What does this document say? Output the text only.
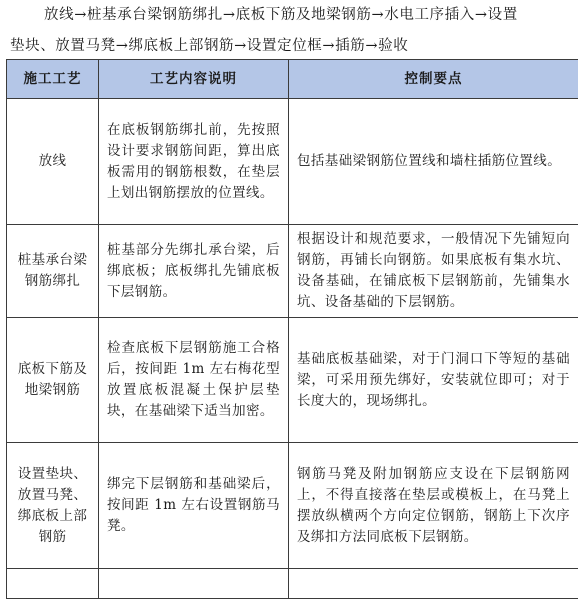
放线→桩基承台梁钢筋绑扎→底板下筋及地梁钢筋→水电工序插入→设置
垫块、放置马凳→绑底板上部钢筋→设置定位框→插筋→验收
施工工艺	工艺内容说明	控制要点
放线	在底板钢筋绑扎前，先按照设计要求钢筋间距，算出底板需用的钢筋根数，在垫层上划出钢筋摆放的位置线。	包括基础梁钢筋位置线和墙柱插筋位置线。
桩基承台梁钢筋绑扎	桩基部分先绑扎承台梁，后绑底板；底板绑扎先铺底板下层钢筋。	根据设计和规范要求，一般情况下先铺短向钢筋，再铺长向钢筋。如果底板有集水坑、设备基础，在铺底板下层钢筋前，先铺集水坑、设备基础的下层钢筋。
底板下筋及地梁钢筋	检查底板下层钢筋施工合格后，按间距 1m 左右梅花型放置底板混凝土保护层垫块，在基础梁下适当加密。	基础底板基础梁，对于门洞口下等短的基础梁，可采用预先绑好，安装就位即可；对于长度大的，现场绑扎。
设置垫块、放置马凳、绑底板上部钢筋	绑完下层钢筋和基础梁后，按间距 1m 左右设置钢筋马凳。	钢筋马凳及附加钢筋应支设在下层钢筋网上，不得直接落在垫层或模板上，在马凳上摆放纵横两个方向定位钢筋，钢筋上下次序及绑扣方法同底板下层钢筋。
